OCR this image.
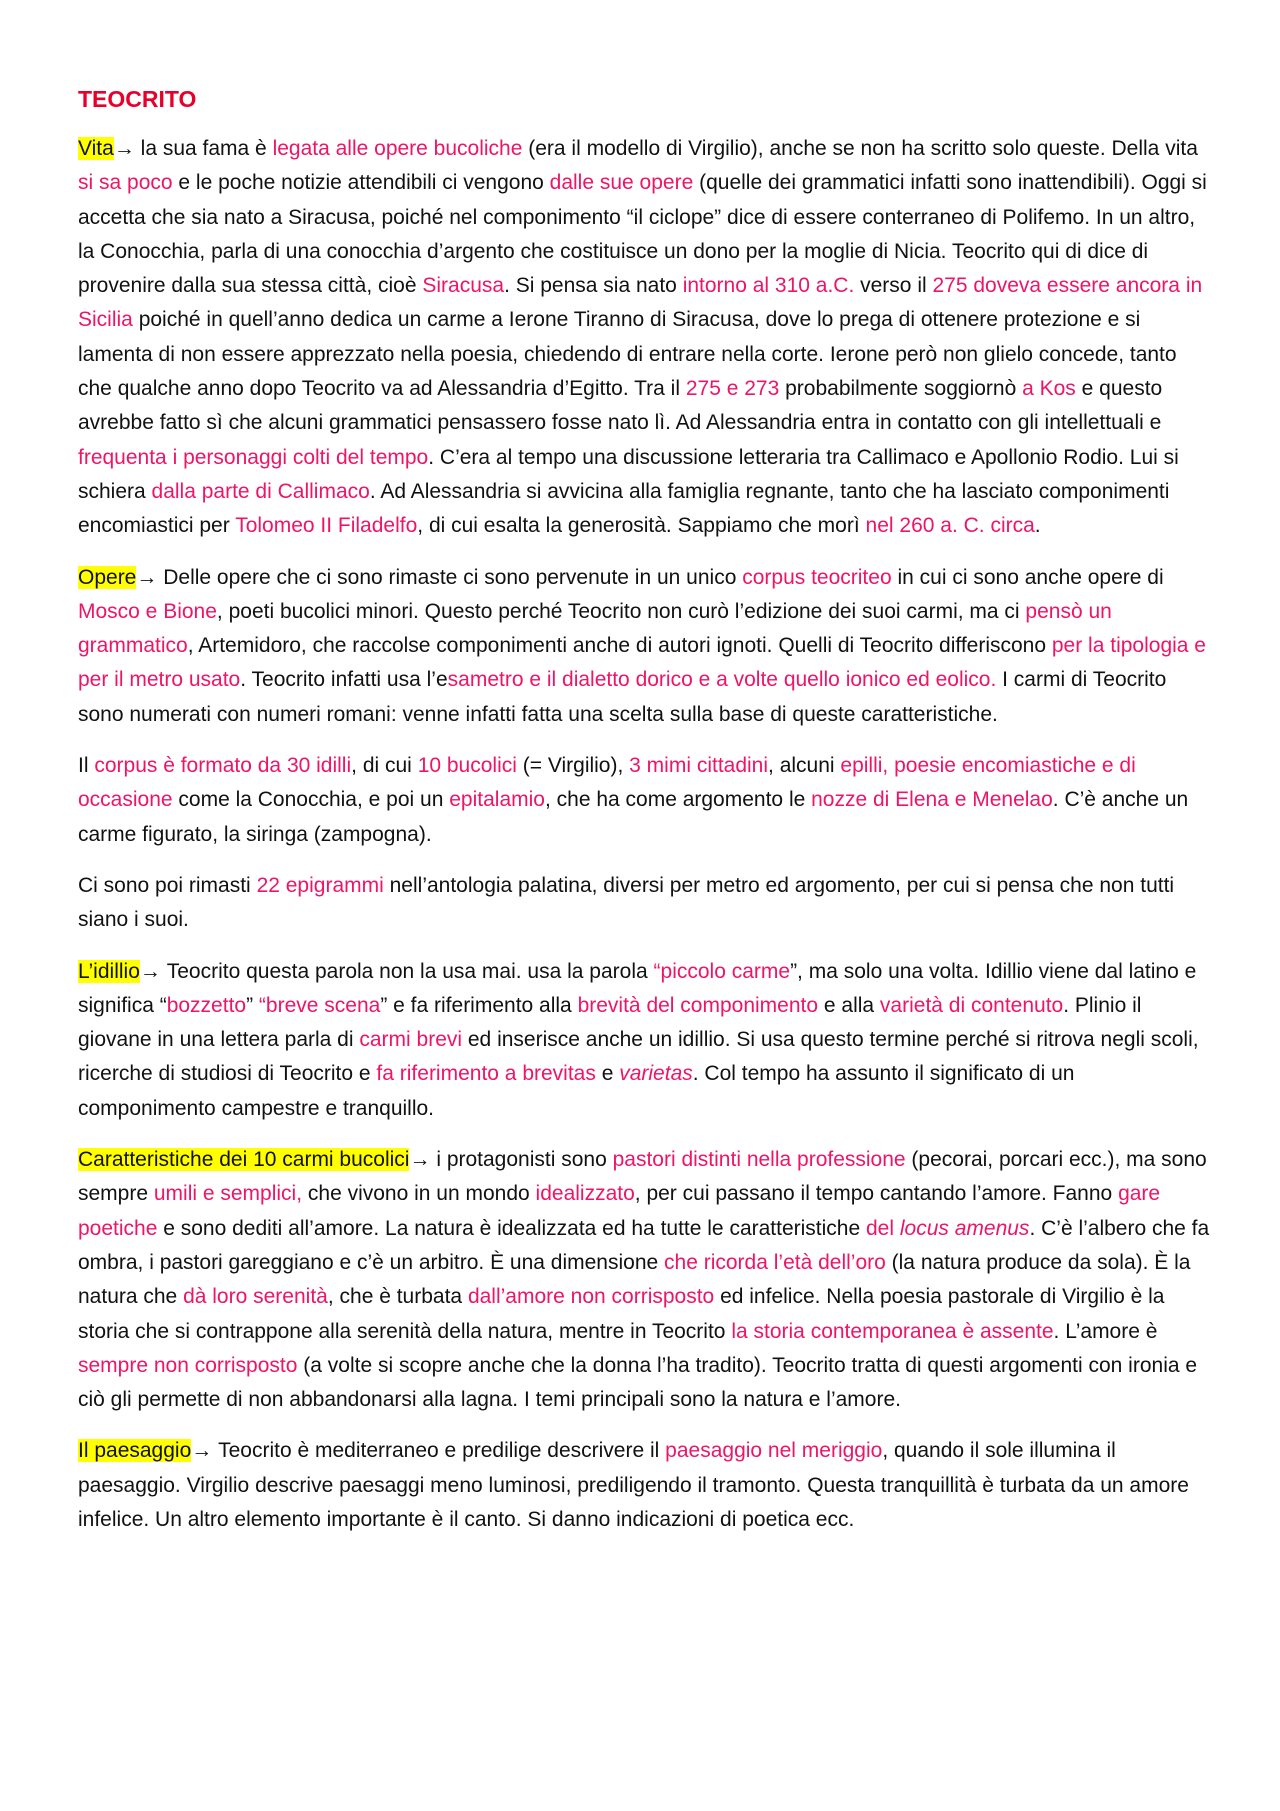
TEOCRITO

Vita→ la sua fama è legata alle opere bucoliche (era il modello di Virgilio), anche se non ha scritto solo queste. Della vita si sa poco e le poche notizie attendibili ci vengono dalle sue opere (quelle dei grammatici infatti sono inattendibili). Oggi si accetta che sia nato a Siracusa, poiché nel componimento “il ciclope” dice di essere conterraneo di Polifemo. In un altro, la Conocchia, parla di una conocchia d’argento che costituisce un dono per la moglie di Nicia. Teocrito qui di dice di provenire dalla sua stessa città, cioè Siracusa. Si pensa sia nato intorno al 310 a.C. verso il 275 doveva essere ancora in Sicilia poiché in quell’anno dedica un carme a Ierone Tiranno di Siracusa, dove lo prega di ottenere protezione e si lamenta di non essere apprezzato nella poesia, chiedendo di entrare nella corte. Ierone però non glielo concede, tanto che qualche anno dopo Teocrito va ad Alessandria d’Egitto. Tra il 275 e 273 probabilmente soggiornò a Kos e questo avrebbe fatto sì che alcuni grammatici pensassero fosse nato lì. Ad Alessandria entra in contatto con gli intellettuali e frequenta i personaggi colti del tempo. C’era al tempo una discussione letteraria tra Callimaco e Apollonio Rodio. Lui si schiera dalla parte di Callimaco. Ad Alessandria si avvicina alla famiglia regnante, tanto che ha lasciato componimenti encomiastici per Tolomeo II Filadelfo, di cui esalta la generosità. Sappiamo che morì nel 260 a. C. circa.

Opere→ Delle opere che ci sono rimaste ci sono pervenute in un unico corpus teocriteo in cui ci sono anche opere di Mosco e Bione, poeti bucolici minori. Questo perché Teocrito non curò l’edizione dei suoi carmi, ma ci pensò un grammatico, Artemidoro, che raccolse componimenti anche di autori ignoti. Quelli di Teocrito differiscono per la tipologia e per il metro usato. Teocrito infatti usa l’esametro e il dialetto dorico e a volte quello ionico ed eolico. I carmi di Teocrito sono numerati con numeri romani: venne infatti fatta una scelta sulla base di queste caratteristiche.

Il corpus è formato da 30 idilli, di cui 10 bucolici (= Virgilio), 3 mimi cittadini, alcuni epilli, poesie encomiastiche e di occasione come la Conocchia, e poi un epitalamio, che ha come argomento le nozze di Elena e Menelao. C’è anche un carme figurato, la siringa (zampogna).

Ci sono poi rimasti 22 epigrammi nell’antologia palatina, diversi per metro ed argomento, per cui si pensa che non tutti siano i suoi.

L’idillio→ Teocrito questa parola non la usa mai. usa la parola “piccolo carme”, ma solo una volta. Idillio viene dal latino e significa “bozzetto” “breve scena” e fa riferimento alla brevità del componimento e alla varietà di contenuto. Plinio il giovane in una lettera parla di carmi brevi ed inserisce anche un idillio. Si usa questo termine perché si ritrova negli scoli, ricerche di studiosi di Teocrito e fa riferimento a brevitas e varietas. Col tempo ha assunto il significato di un componimento campestre e tranquillo.

Caratteristiche dei 10 carmi bucolici→ i protagonisti sono pastori distinti nella professione (pecorai, porcari ecc.), ma sono sempre umili e semplici, che vivono in un mondo idealizzato, per cui passano il tempo cantando l’amore. Fanno gare poetiche e sono dediti all’amore. La natura è idealizzata ed ha tutte le caratteristiche del locus amenus. C’è l’albero che fa ombra, i pastori gareggiano e c’è un arbitro. È una dimensione che ricorda l’età dell’oro (la natura produce da sola). È la natura che dà loro serenità, che è turbata dall’amore non corrisposto ed infelice. Nella poesia pastorale di Virgilio è la storia che si contrappone alla serenità della natura, mentre in Teocrito la storia contemporanea è assente. L’amore è sempre non corrisposto (a volte si scopre anche che la donna l’ha tradito). Teocrito tratta di questi argomenti con ironia e ciò gli permette di non abbandonarsi alla lagna. I temi principali sono la natura e l’amore.

Il paesaggio→ Teocrito è mediterraneo e predilige descrivere il paesaggio nel meriggio, quando il sole illumina il paesaggio. Virgilio descrive paesaggi meno luminosi, prediligendo il tramonto. Questa tranquillità è turbata da un amore infelice. Un altro elemento importante è il canto. Si danno indicazioni di poetica ecc.
